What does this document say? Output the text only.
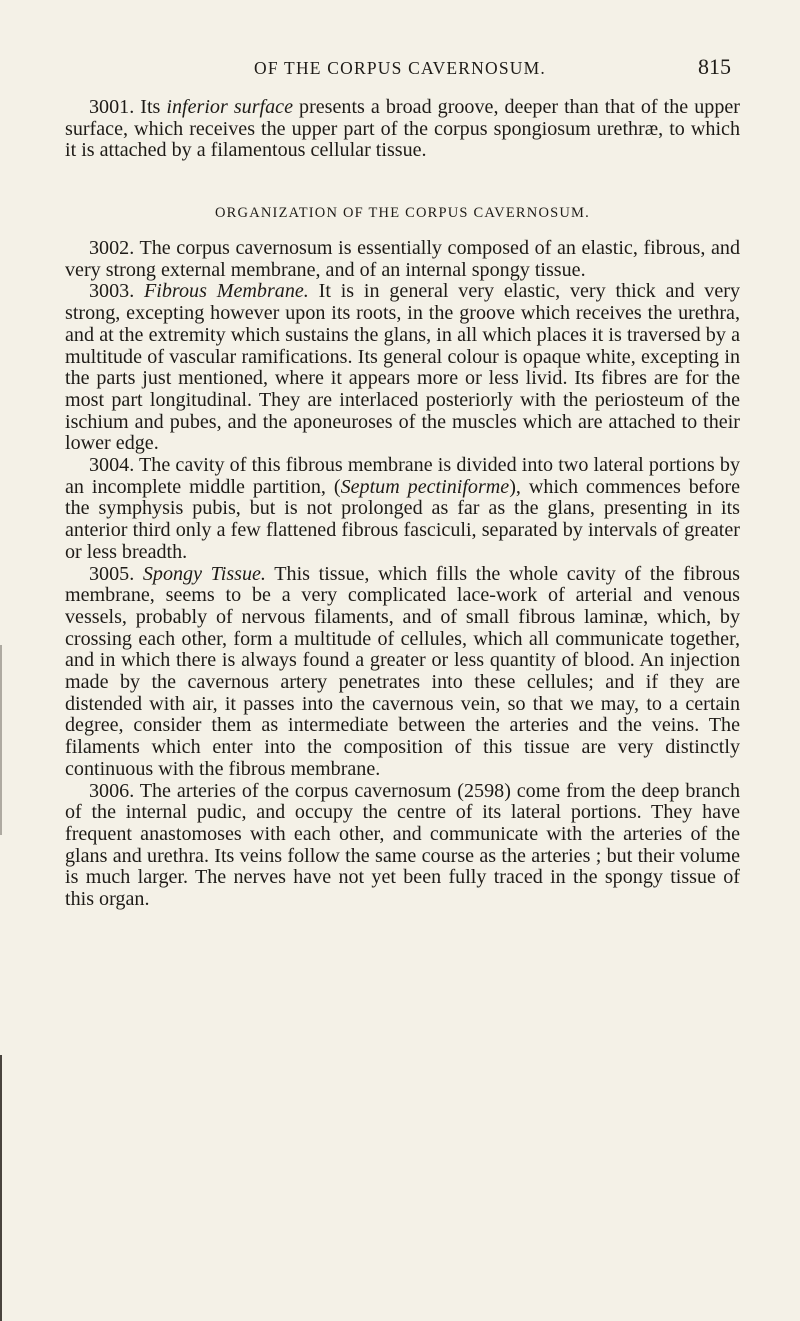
OF THE CORPUS CAVERNOSUM.	815

3001. Its inferior surface presents a broad groove, deeper than that of the upper surface, which receives the upper part of the corpus spongiosum urethræ, to which it is attached by a filamentous cellular tissue.

ORGANIZATION OF THE CORPUS CAVERNOSUM.

3002. The corpus cavernosum is essentially composed of an elastic, fibrous, and very strong external membrane, and of an internal spongy tissue.

3003. Fibrous Membrane. It is in general very elastic, very thick and very strong, excepting however upon its roots, in the groove which receives the urethra, and at the extremity which sustains the glans, in all which places it is traversed by a multitude of vascular ramifications. Its general colour is opaque white, excepting in the parts just mentioned, where it appears more or less livid. Its fibres are for the most part longitudinal. They are interlaced posteriorly with the periosteum of the ischium and pubes, and the aponeuroses of the muscles which are attached to their lower edge.

3004. The cavity of this fibrous membrane is divided into two lateral portions by an incomplete middle partition, (Septum pectiniforme), which commences before the symphysis pubis, but is not prolonged as far as the glans, presenting in its anterior third only a few flattened fibrous fasciculi, separated by intervals of greater or less breadth.

3005. Spongy Tissue. This tissue, which fills the whole cavity of the fibrous membrane, seems to be a very complicated lace-work of arterial and venous vessels, probably of nervous filaments, and of small fibrous laminæ, which, by crossing each other, form a multitude of cellules, which all communicate together, and in which there is always found a greater or less quantity of blood. An injection made by the cavernous artery penetrates into these cellules; and if they are distended with air, it passes into the cavernous vein, so that we may, to a certain degree, consider them as intermediate between the arteries and the veins. The filaments which enter into the composition of this tissue are very distinctly continuous with the fibrous membrane.

3006. The arteries of the corpus cavernosum (2598) come from the deep branch of the internal pudic, and occupy the centre of its lateral portions. They have frequent anastomoses with each other, and communicate with the arteries of the glans and urethra. Its veins follow the same course as the arteries ; but their volume is much larger. The nerves have not yet been fully traced in the spongy tissue of this organ.
